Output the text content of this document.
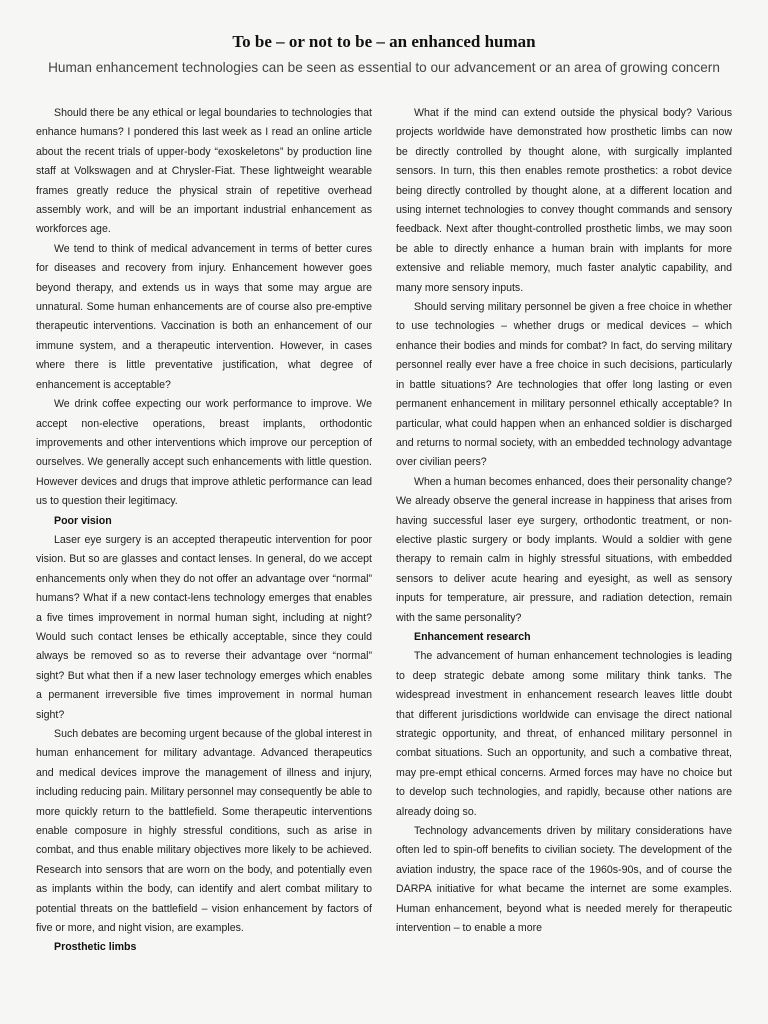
To be – or not to be – an enhanced human

Human enhancement technologies can be seen as essential to our advancement or an area of growing concern

Should there be any ethical or legal boundaries to technologies that enhance humans? I pondered this last week as I read an online article about the recent trials of upper-body “exoskeletons” by production line staff at Volkswagen and at Chrysler-Fiat. These lightweight wearable frames greatly reduce the physical strain of repetitive overhead assembly work, and will be an important industrial enhancement as workforces age.

We tend to think of medical advancement in terms of better cures for diseases and recovery from injury. Enhancement however goes beyond therapy, and extends us in ways that some may argue are unnatural. Some human enhancements are of course also pre-emptive therapeutic interventions. Vaccination is both an enhancement of our immune system, and a therapeutic intervention. However, in cases where there is little preventative justification, what degree of enhancement is acceptable?

We drink coffee expecting our work performance to improve. We accept non-elective operations, breast implants, orthodontic improvements and other interventions which improve our perception of ourselves. We generally accept such enhancements with little question. However devices and drugs that improve athletic performance can lead us to question their legitimacy.

Poor vision

Laser eye surgery is an accepted therapeutic intervention for poor vision. But so are glasses and contact lenses. In general, do we accept enhancements only when they do not offer an advantage over “normal” humans? What if a new contact-lens technology emerges that enables a five times improvement in normal human sight, including at night? Would such contact lenses be ethically acceptable, since they could always be removed so as to reverse their advantage over “normal” sight? But what then if a new laser technology emerges which enables a permanent irreversible five times improvement in normal human sight?

Such debates are becoming urgent because of the global interest in human enhancement for military advantage. Advanced therapeutics and medical devices improve the management of illness and injury, including reducing pain. Military personnel may consequently be able to more quickly return to the battlefield. Some therapeutic interventions enable composure in highly stressful conditions, such as arise in combat, and thus enable military objectives more likely to be achieved. Research into sensors that are worn on the body, and potentially even as implants within the body, can identify and alert combat military to potential threats on the battlefield – vision enhancement by factors of five or more, and night vision, are examples.

Prosthetic limbs

What if the mind can extend outside the physical body? Various projects worldwide have demonstrated how prosthetic limbs can now be directly controlled by thought alone, with surgically implanted sensors. In turn, this then enables remote prosthetics: a robot device being directly controlled by thought alone, at a different location and using internet technologies to convey thought commands and sensory feedback. Next after thought-controlled prosthetic limbs, we may soon be able to directly enhance a human brain with implants for more extensive and reliable memory, much faster analytic capability, and many more sensory inputs.

Should serving military personnel be given a free choice in whether to use technologies – whether drugs or medical devices – which enhance their bodies and minds for combat? In fact, do serving military personnel really ever have a free choice in such decisions, particularly in battle situations? Are technologies that offer long lasting or even permanent enhancement in military personnel ethically acceptable? In particular, what could happen when an enhanced soldier is discharged and returns to normal society, with an embedded technology advantage over civilian peers?

When a human becomes enhanced, does their personality change? We already observe the general increase in happiness that arises from having successful laser eye surgery, orthodontic treatment, or non-elective plastic surgery or body implants. Would a soldier with gene therapy to remain calm in highly stressful situations, with embedded sensors to deliver acute hearing and eyesight, as well as sensory inputs for temperature, air pressure, and radiation detection, remain with the same personality?

Enhancement research

The advancement of human enhancement technologies is leading to deep strategic debate among some military think tanks. The widespread investment in enhancement research leaves little doubt that different jurisdictions worldwide can envisage the direct national strategic opportunity, and threat, of enhanced military personnel in combat situations. Such an opportunity, and such a combative threat, may pre-empt ethical concerns. Armed forces may have no choice but to develop such technologies, and rapidly, because other nations are already doing so.

Technology advancements driven by military considerations have often led to spin-off benefits to civilian society. The development of the aviation industry, the space race of the 1960s-90s, and of course the DARPA initiative for what became the internet are some examples. Human enhancement, beyond what is needed merely for therapeutic intervention – to enable a more
